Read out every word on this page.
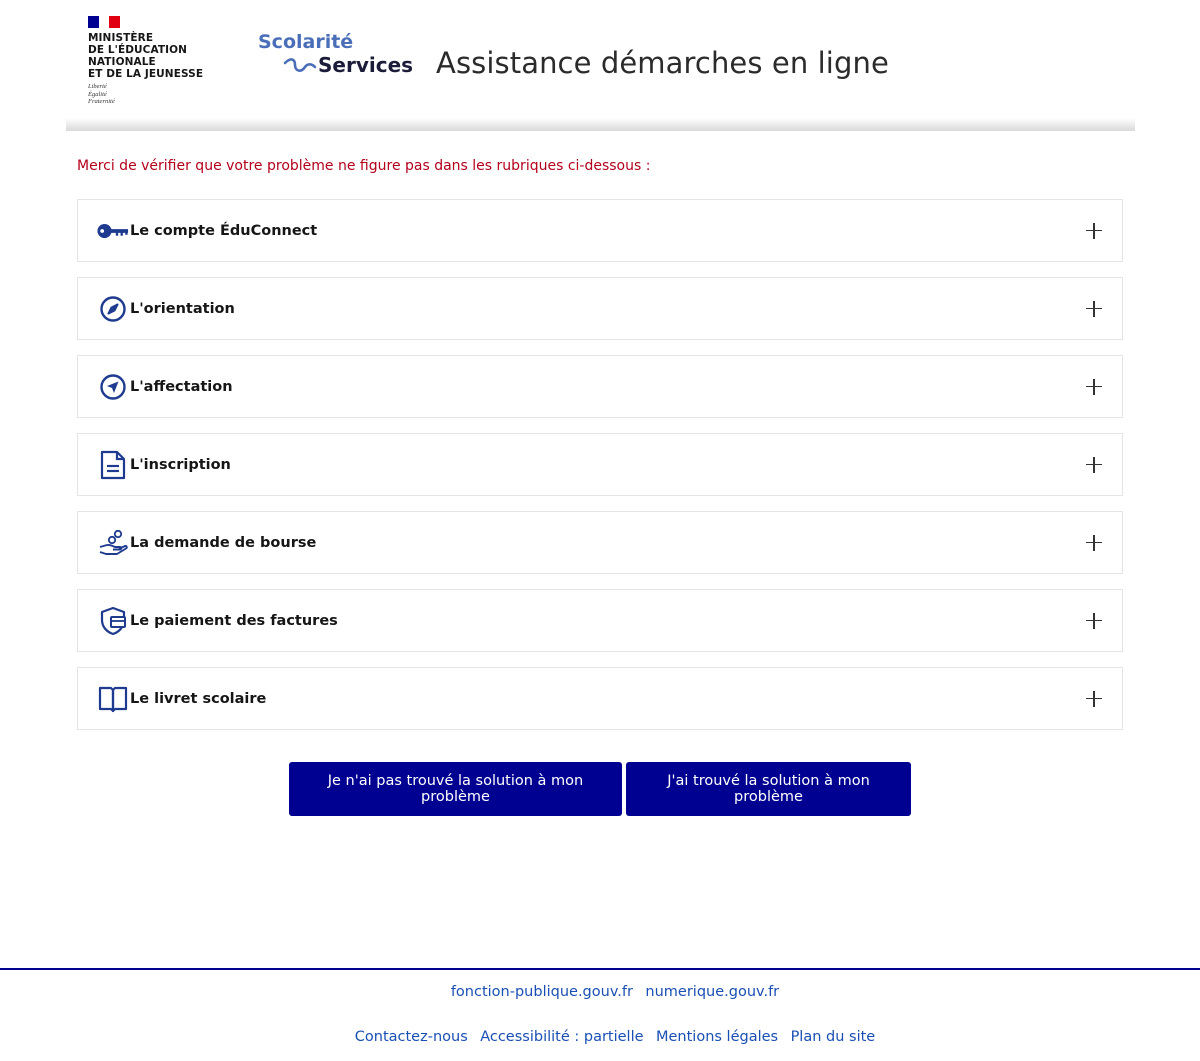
MINISTÈRE
DE L'ÉDUCATION
NATIONALE
ET DE LA JEUNESSE
Liberté
Égalité
Fraternité
Scolarité
Services Assistance démarches en ligne

Merci de vérifier que votre problème ne figure pas dans les rubriques ci-dessous :

Le compte ÉduConnect
L'orientation
L'affectation
L'inscription
La demande de bourse
Le paiement des factures
Le livret scolaire
Je n'ai pas trouvé la solution à mon problème
J'ai trouvé la solution à mon problème
fonction-publique.gouv.fr numerique.gouv.fr
Contactez-nous Accessibilité : partielle Mentions légales Plan du site
